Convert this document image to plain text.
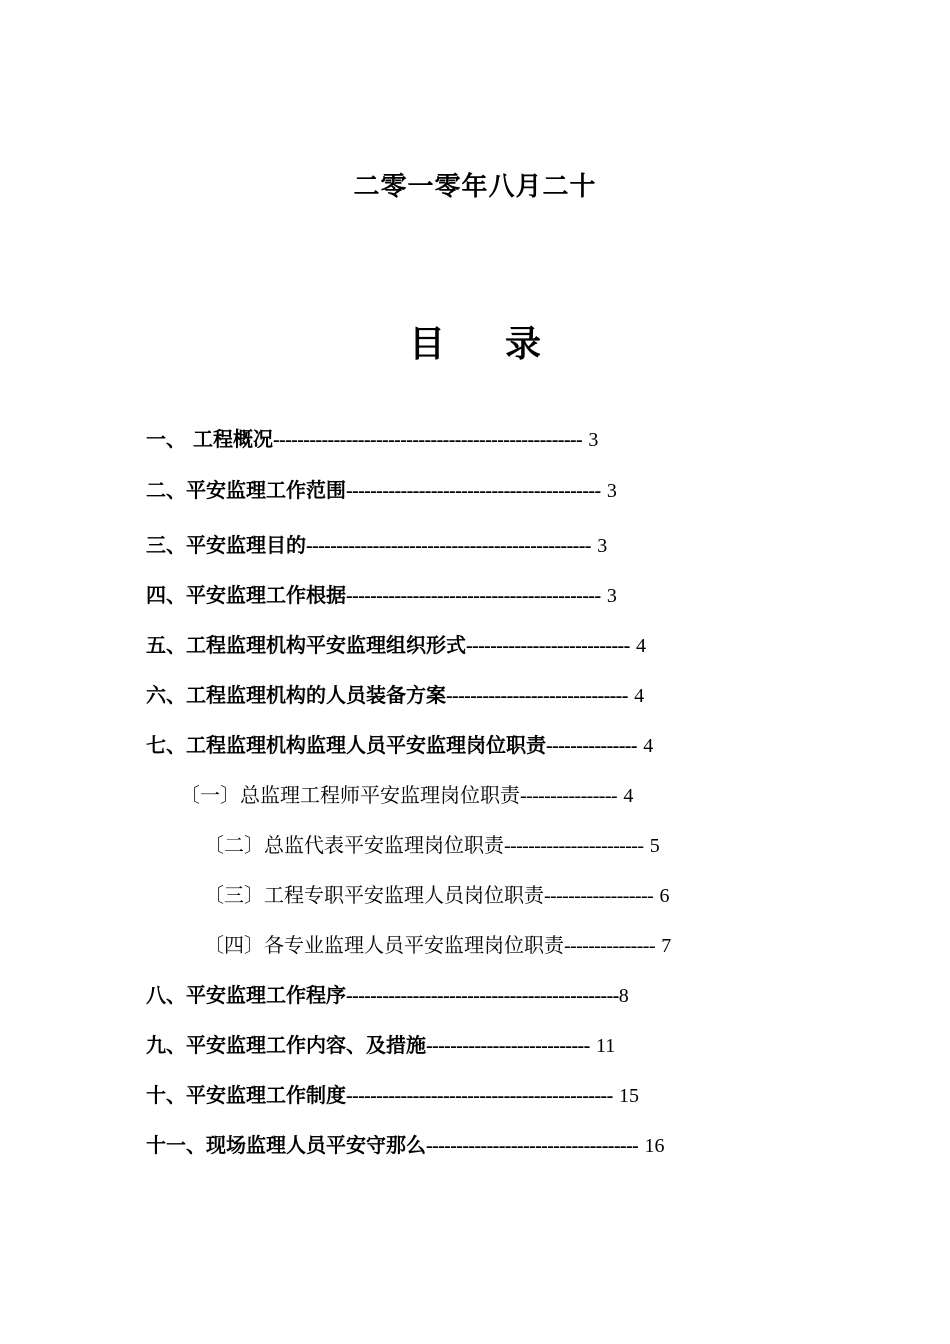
二零一零年八月二十
目 录
一、 工程概况--------------------------------------------------- 3
二、平安监理工作范围------------------------------------------ 3
三、平安监理目的----------------------------------------------- 3
四、平安监理工作根据------------------------------------------ 3
五、工程监理机构平安监理组织形式--------------------------- 4
六、工程监理机构的人员装备方案------------------------------ 4
七、工程监理机构监理人员平安监理岗位职责--------------- 4
〔一〕总监理工程师平安监理岗位职责---------------- 4
〔二〕总监代表平安监理岗位职责----------------------- 5
〔三〕工程专职平安监理人员岗位职责------------------ 6
〔四〕各专业监理人员平安监理岗位职责--------------- 7
八、平安监理工作程序---------------------------------------------8
九、平安监理工作内容、及措施--------------------------- 11
十、平安监理工作制度-------------------------------------------- 15
十一、现场监理人员平安守那么----------------------------------- 16
